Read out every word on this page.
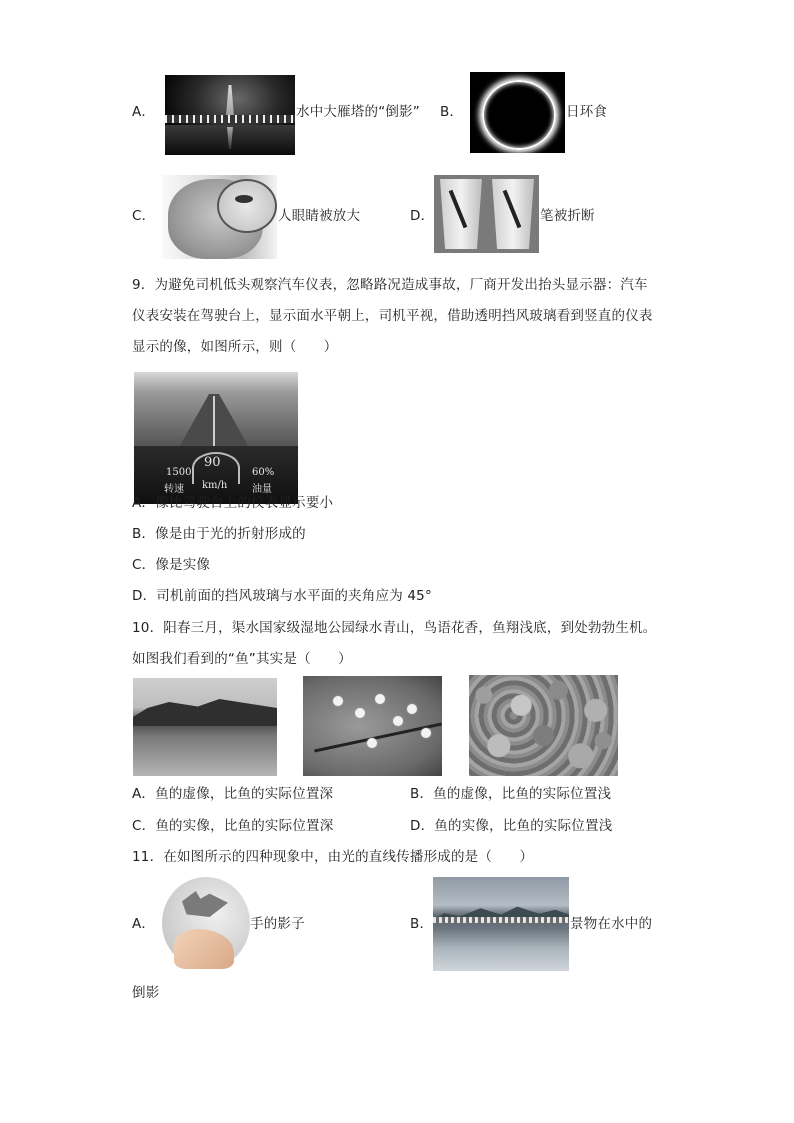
A．	水中大雁塔的“倒影” B．	日环食
C．	人眼睛被放大	D．	笔被折断
9．为避免司机低头观察汽车仪表，忽略路况造成事故，厂商开发出抬头显示器：汽车
仪表安装在驾驶台上，显示面水平朝上，司机平视，借助透明挡风玻璃看到竖直的仪表
显示的像，如图所示，则（　　）
90
1500	60%
转速 km/h 油量
A．像比驾驶台上的仪表显示要小
B．像是由于光的折射形成的
C．像是实像
D．司机前面的挡风玻璃与水平面的夹角应为 45°
10．阳春三月，渠水国家级湿地公园绿水青山，鸟语花香，鱼翔浅底，到处勃勃生机。
如图我们看到的“鱼”其实是（　　）
A．鱼的虚像，比鱼的实际位置深	B．鱼的虚像，比鱼的实际位置浅
C．鱼的实像，比鱼的实际位置深	D．鱼的实像，比鱼的实际位置浅
11．在如图所示的四种现象中，由光的直线传播形成的是（　　）
A．	手的影子	B．	景物在水中的
倒影
